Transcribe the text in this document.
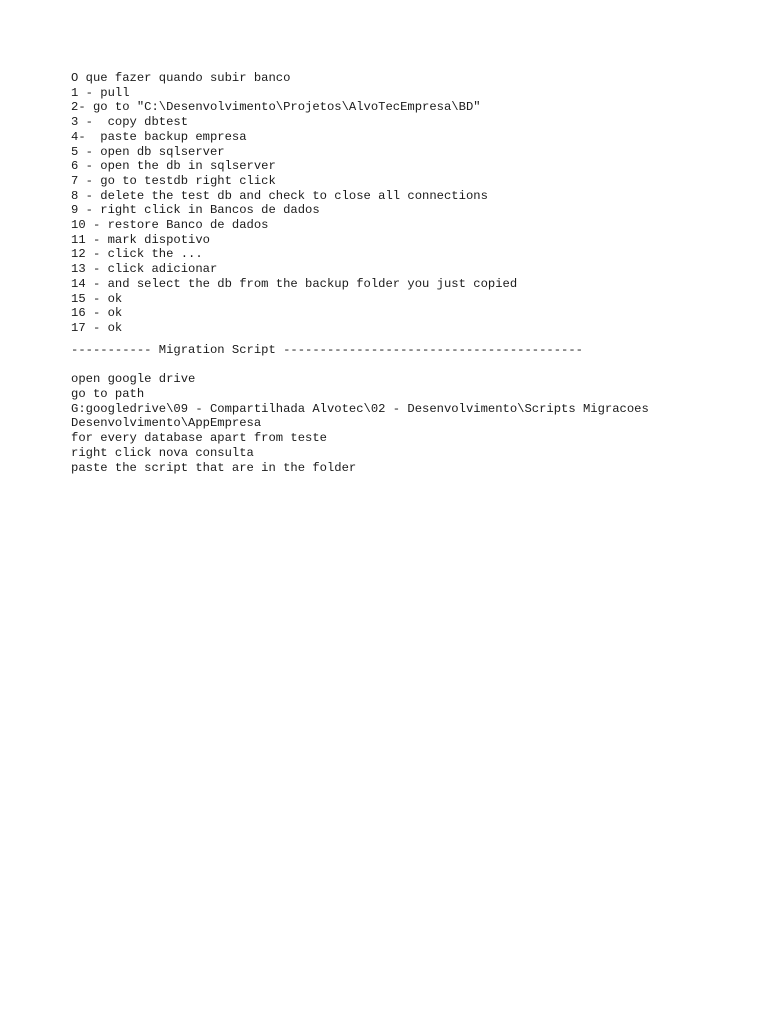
O que fazer quando subir banco
1 - pull
2- go to "C:\Desenvolvimento\Projetos\AlvoTecEmpresa\BD"
3 -  copy dbtest
4-  paste backup empresa
5 - open db sqlserver
6 - open the db in sqlserver
7 - go to testdb right click
8 - delete the test db and check to close all connections
9 - right click in Bancos de dados
10 - restore Banco de dados
11 - mark dispotivo
12 - click the ...
13 - click adicionar
14 - and select the db from the backup folder you just copied
15 - ok
16 - ok
17 - ok
----------- Migration Script -----------------------------------------
open google drive
go to path
G:googledrive\09 - Compartilhada Alvotec\02 - Desenvolvimento\Scripts Migracoes
Desenvolvimento\AppEmpresa
for every database apart from teste
right click nova consulta
paste the script that are in the folder
